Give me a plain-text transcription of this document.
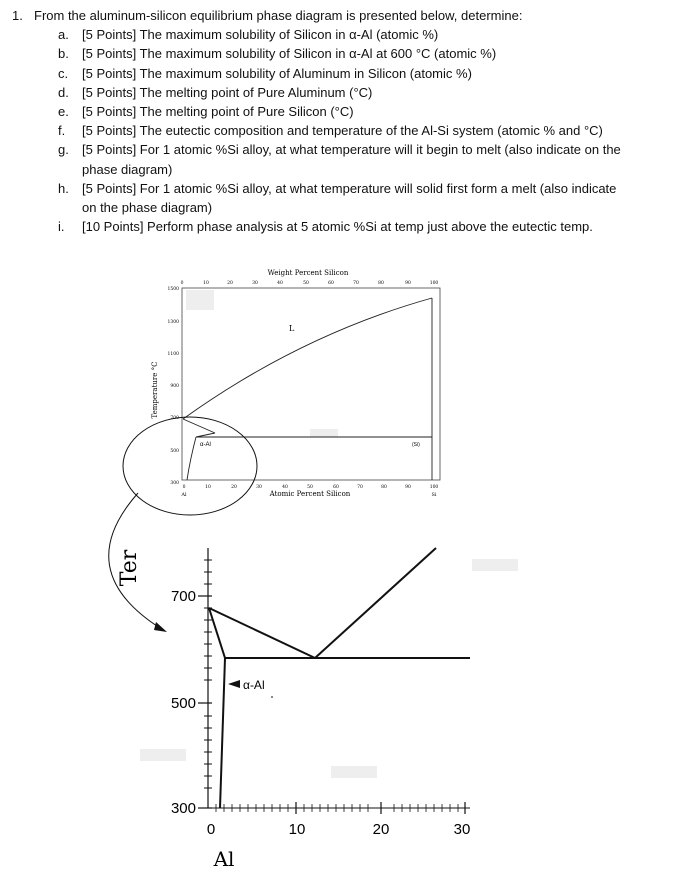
1. From the aluminum-silicon equilibrium phase diagram is presented below, determine:
a.	[5 Points] The maximum solubility of Silicon in α-Al (atomic %)
b.	[5 Points] The maximum solubility of Silicon in α-Al at 600 °C (atomic %)
c.	[5 Points] The maximum solubility of Aluminum in Silicon (atomic %)
d.	[5 Points] The melting point of Pure Aluminum (°C)
e.	[5 Points] The melting point of Pure Silicon (°C)
f.	[5 Points] The eutectic composition and temperature of the Al-Si system (atomic % and °C)
g.	[5 Points] For 1 atomic %Si alloy, at what temperature will it begin to melt (also indicate on the phase diagram)
h.	[5 Points] For 1 atomic %Si alloy, at what temperature will solid first form a melt (also indicate on the phase diagram)
i.	[10 Points] Perform phase analysis at 5 atomic %Si at temp just above the eutectic temp.
Weight Percent Silicon
0	10	20	30	40	50	60	70	80	90	100
1500
1300
1100
900
700
500
300
Temperature °C
L
α-Al	(Si)
0	10	20	30	40	50	60	70	80	90	100
Al	Si
Atomic Percent Silicon
Ter
700
500
300
0	10	20	30
Al
α-Al
